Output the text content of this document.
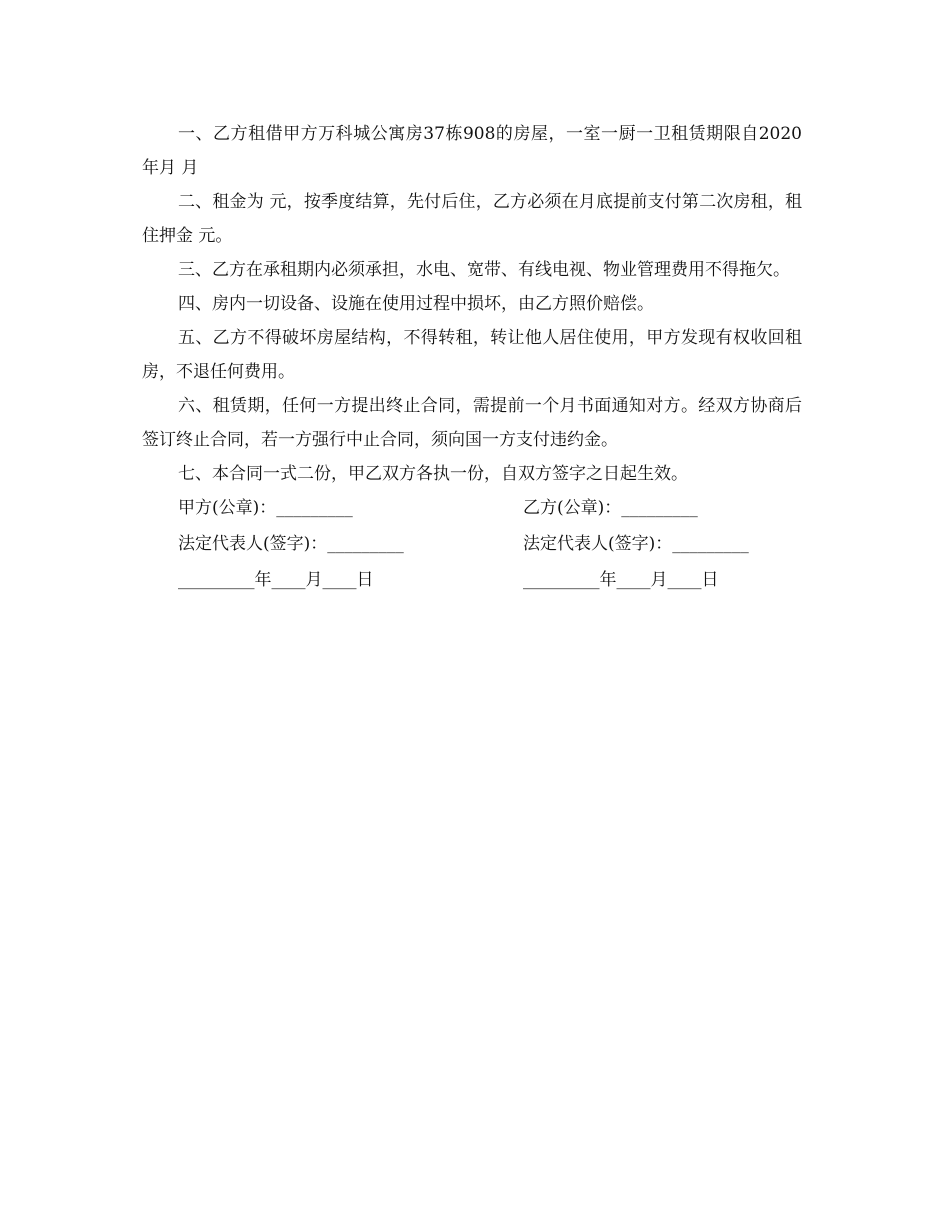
一、乙方租借甲方万科城公寓房37栋908的房屋，一室一厨一卫租赁期限自2020年月 月

二、租金为 元，按季度结算，先付后住，乙方必须在月底提前支付第二次房租，租住押金 元。

三、乙方在承租期内必须承担，水电、宽带、有线电视、物业管理费用不得拖欠。

四、房内一切设备、设施在使用过程中损坏，由乙方照价赔偿。

五、乙方不得破坏房屋结构，不得转租，转让他人居住使用，甲方发现有权收回租房，不退任何费用。

六、租赁期，任何一方提出终止合同，需提前一个月书面通知对方。经双方协商后签订终止合同，若一方强行中止合同，须向国一方支付违约金。

七、本合同一式二份，甲乙双方各执一份，自双方签字之日起生效。

甲方(公章)：_________	乙方(公章)：_________
法定代表人(签字)：_________	法定代表人(签字)：_________
_________年____月____日	_________年____月____日
